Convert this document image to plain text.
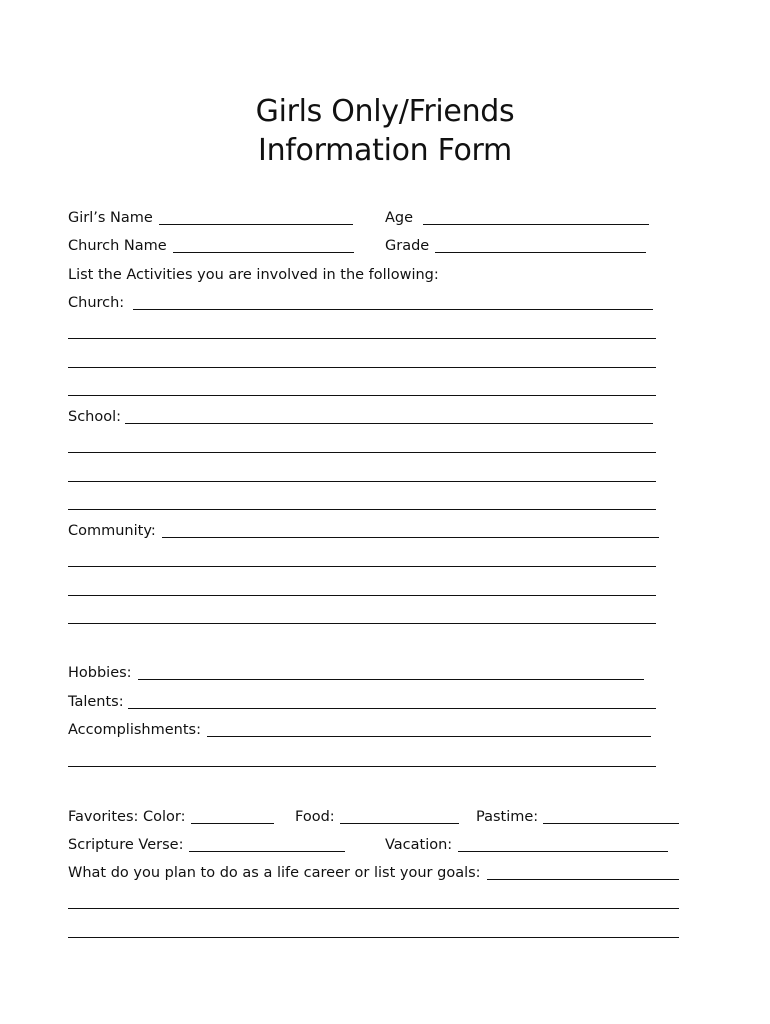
Girls Only/Friends
Information Form
Girl’s Name	Age
Church Name	Grade
List the Activities you are involved in the following:
Church:
School:
Community:
Hobbies:
Talents:
Accomplishments:
Favorites: Color:	Food:	Pastime:
Scripture Verse:	Vacation:
What do you plan to do as a life career or list your goals:
